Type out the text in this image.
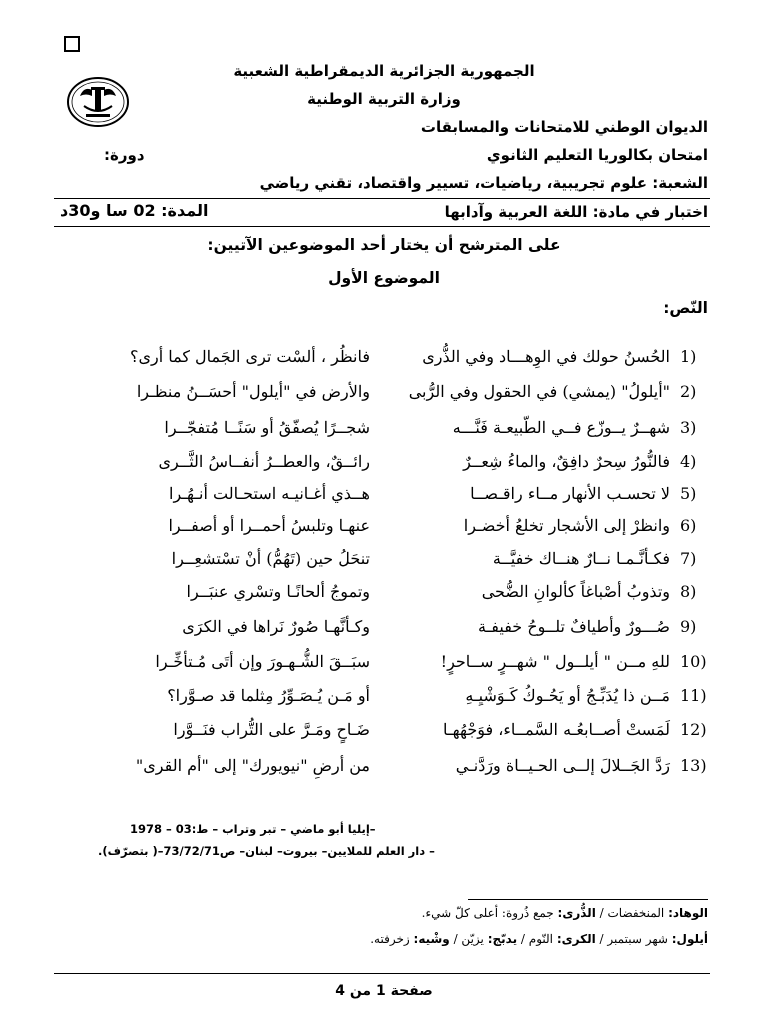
الجمهورية الجزائرية الديمقراطية الشعبية
وزارة التربية الوطنية
الديوان الوطني للامتحانات والمسابقات
امتحان بكالوريا التعليم الثانوي
دورة:
الشعبة: علوم تجريبية، رياضيات، تسيير واقتصاد، تقني رياضي
اختبار في مادة: اللغة العربية وآدابها
المدة: 02 سا و30د
على المترشح أن يختار أحد الموضوعين الآتيين:
الموضوع الأول
النّص:
1)
الحُسنُ حولك في الوِهـــاد وفي الذُّرى
فانظُر ، ألسْت ترى الجَمال كما أرى؟
2)
"أيلولُ" (يمشي) في الحقول وفي الرُّبى
والأرض في "أيلول" أحسَــنُ منظـرا
3)
شهــرٌ يــوزّع فــي الطّبيعـة فَنَّـــه
شجــرًا يُصفّقُ أو سَنًــا مُتفجّــرا
4)
فالنُّورُ سِحرٌ دافِقٌ، والماءُ شِعــرٌ
رائــقٌ، والعطــرُ أنفــاسُ الثَّــرى
5)
لا تحسـب الأنهار مــاء راقـصــا
هــذي أغـانيـه استحـالت أنـهُـرا
6)
وانظرْ إلى الأشجار تخلعُ أخضـرا
عنهـا وتلبسُ أحمــرا أو أصفــرا
7)
فكـأنَّـمـا نــارٌ هنــاك خفيَّــة
تنحَلُ حين (تَهُمُّ) أنْ تسْتشعِــرا
8)
وتذوبُ أصْباغاً كألوانِ الضُّحى
وتموجُ ألحانًـا وتسْري عنبَــرا
9)
صُـــورٌ وأطيافٌ تلــوحُ خفيفـة
وكـأنَّهـا صُورٌ نَراها في الكرَى
10)
للهِ مــن " أيلــول " شهــرٍ ســاحرٍ!
سبَــقَ الشُّـهـورَ وإن أتَى مُـتأخِّـرا
11)
مَــن ذا يُدَبِّـجُ أو يَحُـوكُ كَـوَشْيِـهِ
أو مَـن يُـصَـوِّرُ مِثلما قد صـوَّرا؟
12)
لَمَستْ أصــابعُـه السَّمــاء، فوَجْهُهـا
ضَـاحٍ ومَـرَّ على التُّراب فنَــوَّرا
13)
رَدَّ الجَــلالَ إلــى الحـيــاة ورَدَّنـي
من أرضِ "نيويورك" إلى "أم القرى"
–إيليا أبو ماضي – تبر وتراب – ط:03 – 1978
– دار العلم للملايين– بيروت– لبنان– ص73/72/71–( بتصرّف).
الوهاد: المنخفضات / الذُّرى: جمع ذُروة: أعلى كلّ شيء.
أيلول: شهر سبتمبر / الكرى: النّوم / يدبّج: يزيّن / وشْيه: زخرفته.
صفحة 1 من 4
